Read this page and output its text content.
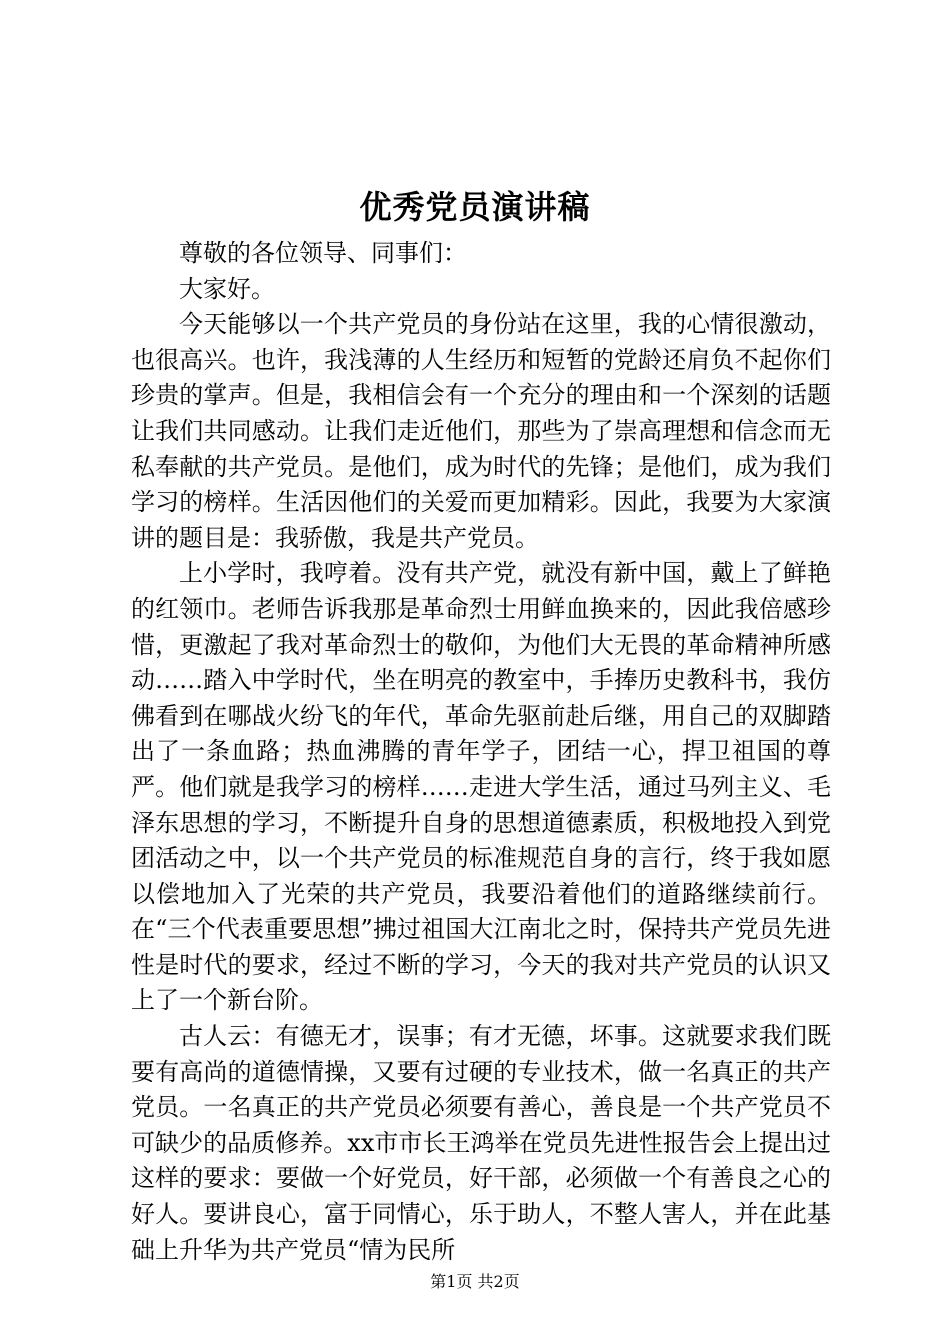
优秀党员演讲稿

尊敬的各位领导、同事们：

大家好。

今天能够以一个共产党员的身份站在这里，我的心情很激动，也很高兴。也许，我浅薄的人生经历和短暂的党龄还肩负不起你们珍贵的掌声。但是，我相信会有一个充分的理由和一个深刻的话题让我们共同感动。让我们走近他们，那些为了崇高理想和信念而无私奉献的共产党员。是他们，成为时代的先锋；是他们，成为我们学习的榜样。生活因他们的关爱而更加精彩。因此，我要为大家演讲的题目是：我骄傲，我是共产党员。

上小学时，我哼着。没有共产党，就没有新中国，戴上了鲜艳的红领巾。老师告诉我那是革命烈士用鲜血换来的，因此我倍感珍惜，更激起了我对革命烈士的敬仰，为他们大无畏的革命精神所感动……踏入中学时代，坐在明亮的教室中，手捧历史教科书，我仿佛看到在哪战火纷飞的年代，革命先驱前赴后继，用自己的双脚踏出了一条血路；热血沸腾的青年学子，团结一心，捍卫祖国的尊严。他们就是我学习的榜样……走进大学生活，通过马列主义、毛泽东思想的学习，不断提升自身的思想道德素质，积极地投入到党团活动之中，以一个共产党员的标准规范自身的言行，终于我如愿以偿地加入了光荣的共产党员，我要沿着他们的道路继续前行。在“三个代表重要思想”拂过祖国大江南北之时，保持共产党员先进性是时代的要求，经过不断的学习，今天的我对共产党员的认识又上了一个新台阶。

古人云：有德无才，误事；有才无德，坏事。这就要求我们既要有高尚的道德情操，又要有过硬的专业技术，做一名真正的共产党员。一名真正的共产党员必须要有善心，善良是一个共产党员不可缺少的品质修养。xx市市长王鸿举在党员先进性报告会上提出过这样的要求：要做一个好党员，好干部，必须做一个有善良之心的好人。要讲良心，富于同情心，乐于助人，不整人害人，并在此基础上升华为共产党员“情为民所

第1页 共2页
